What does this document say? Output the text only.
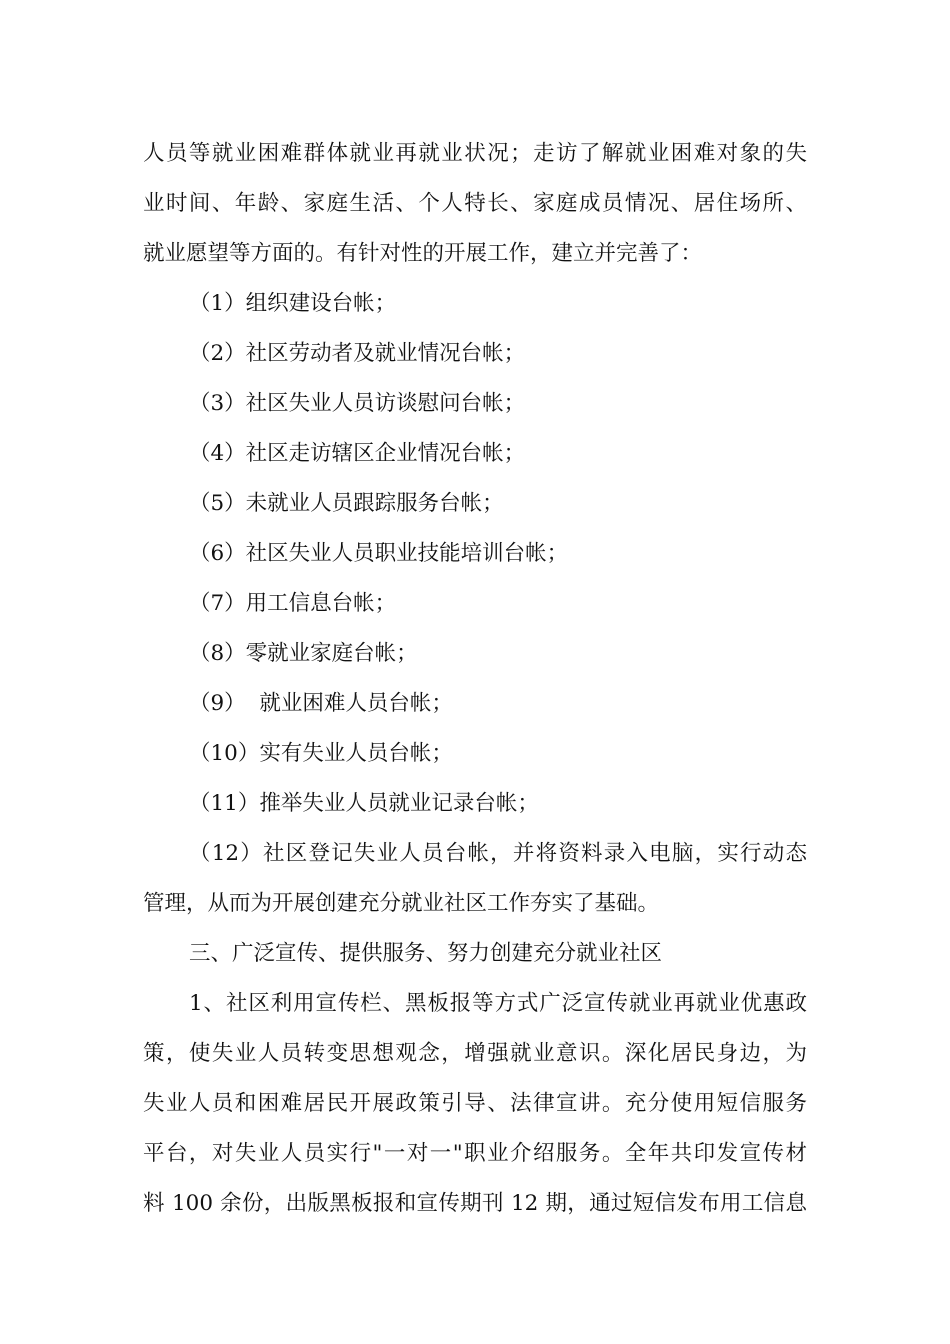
人员等就业困难群体就业再就业状况；走访了解就业困难对象的失
业时间、年龄、家庭生活、个人特长、家庭成员情况、居住场所、
就业愿望等方面的。有针对性的开展工作，建立并完善了：
（1）组织建设台帐；
（2）社区劳动者及就业情况台帐；
（3）社区失业人员访谈慰问台帐；
（4）社区走访辖区企业情况台帐；
（5）未就业人员跟踪服务台帐；
（6）社区失业人员职业技能培训台帐；
（7）用工信息台帐；
（8）零就业家庭台帐；
（9）  就业困难人员台帐；
（10）实有失业人员台帐；
（11）推举失业人员就业记录台帐；
（12）社区登记失业人员台帐，并将资料录入电脑，实行动态
管理，从而为开展创建充分就业社区工作夯实了基础。
三、广泛宣传、提供服务、努力创建充分就业社区
1、社区利用宣传栏、黑板报等方式广泛宣传就业再就业优惠政
策，使失业人员转变思想观念，增强就业意识。深化居民身边，为
失业人员和困难居民开展政策引导、法律宣讲。充分使用短信服务
平台，对失业人员实行"一对一"职业介绍服务。全年共印发宣传材
料 100 余份，出版黑板报和宣传期刊 12 期，通过短信发布用工信息
